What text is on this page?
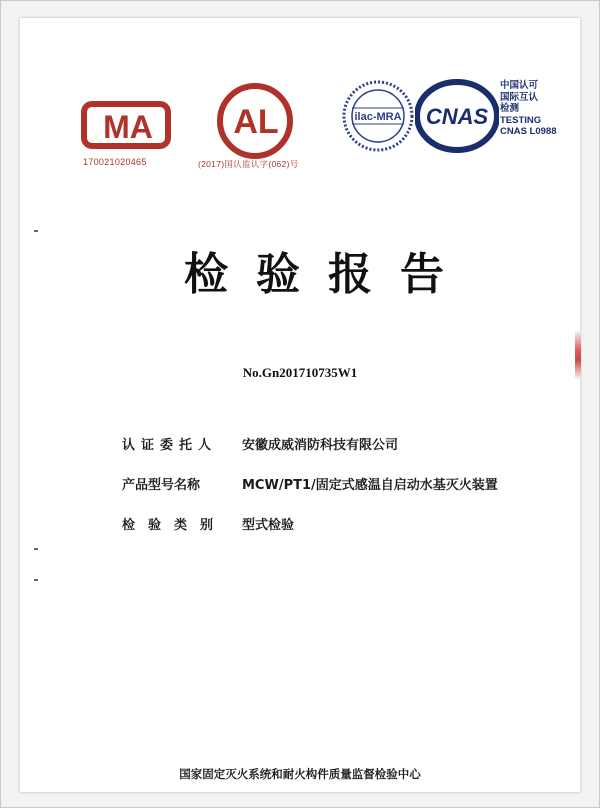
MA
170021020465
AL
(2017)国认监认字(062)号
ilac-MRA CNAS
中国认可
国际互认
检测
TESTING
CNAS L0988
检验报告
No.Gn201710735W1
认证委托人 安徽成威消防科技有限公司
产品型号名称	MCW/PT1/固定式感温自启动水基灭火装置
检验类别 型式检验
国家固定灭火系统和耐火构件质量监督检验中心
